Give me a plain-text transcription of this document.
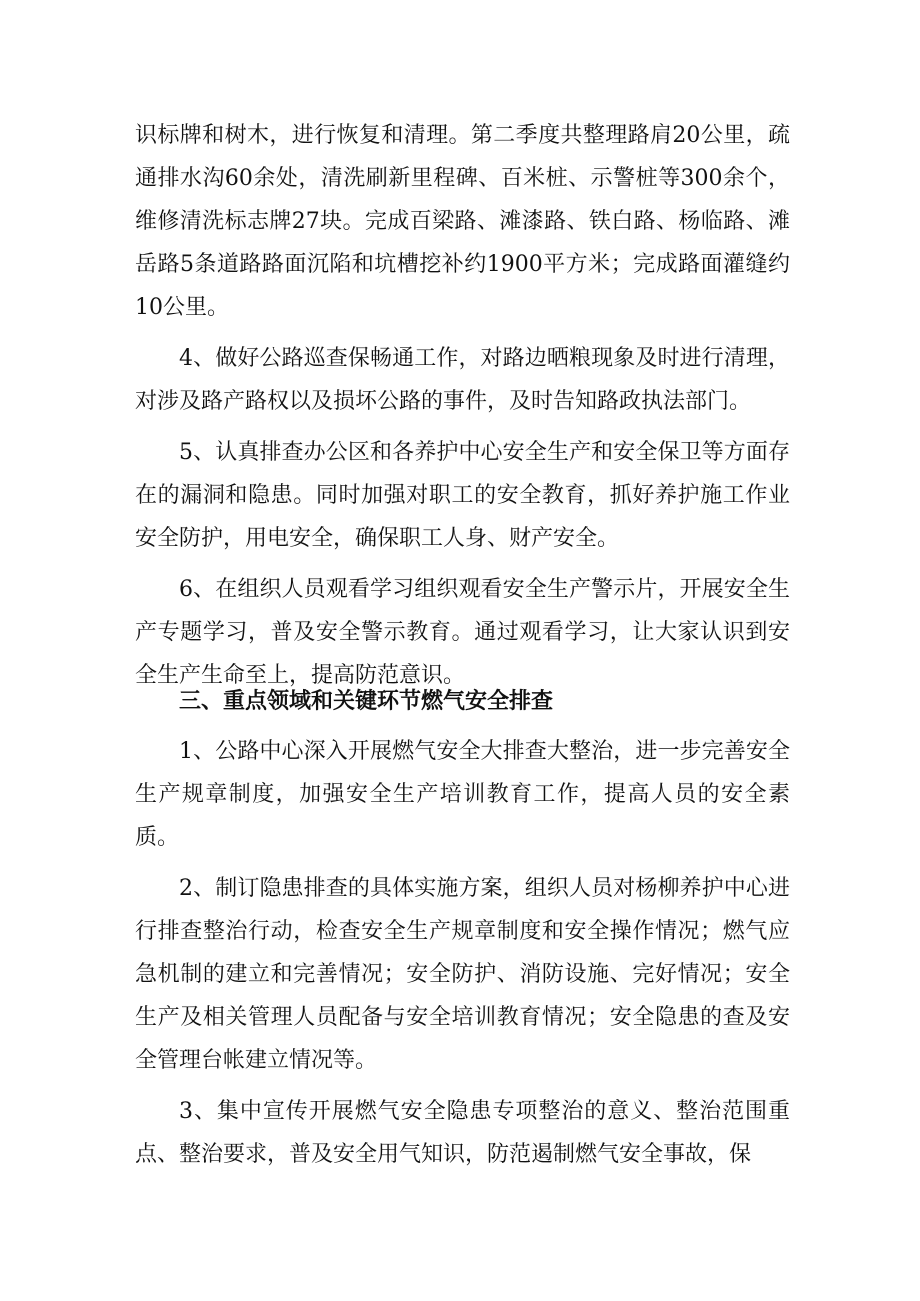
识标牌和树木，进行恢复和清理。第二季度共整理路肩20公里，疏通排水沟60余处，清洗刷新里程碑、百米桩、示警桩等300余个，维修清洗标志牌27块。完成百梁路、滩漆路、铁白路、杨临路、滩岳路5条道路路面沉陷和坑槽挖补约1900平方米；完成路面灌缝约10公里。

4、做好公路巡查保畅通工作，对路边晒粮现象及时进行清理，对涉及路产路权以及损坏公路的事件，及时告知路政执法部门。

5、认真排查办公区和各养护中心安全生产和安全保卫等方面存在的漏洞和隐患。同时加强对职工的安全教育，抓好养护施工作业安全防护，用电安全，确保职工人身、财产安全。

6、在组织人员观看学习组织观看安全生产警示片，开展安全生产专题学习，普及安全警示教育。通过观看学习，让大家认识到安全生产生命至上，提高防范意识。

三、重点领域和关键环节燃气安全排查

1、公路中心深入开展燃气安全大排查大整治，进一步完善安全生产规章制度，加强安全生产培训教育工作，提高人员的安全素质。

2、制订隐患排查的具体实施方案，组织人员对杨柳养护中心进行排查整治行动，检查安全生产规章制度和安全操作情况；燃气应急机制的建立和完善情况；安全防护、消防设施、完好情况；安全生产及相关管理人员配备与安全培训教育情况；安全隐患的查及安全管理台帐建立情况等。

3、集中宣传开展燃气安全隐患专项整治的意义、整治范围重点、整治要求，普及安全用气知识，防范遏制燃气安全事故，保
